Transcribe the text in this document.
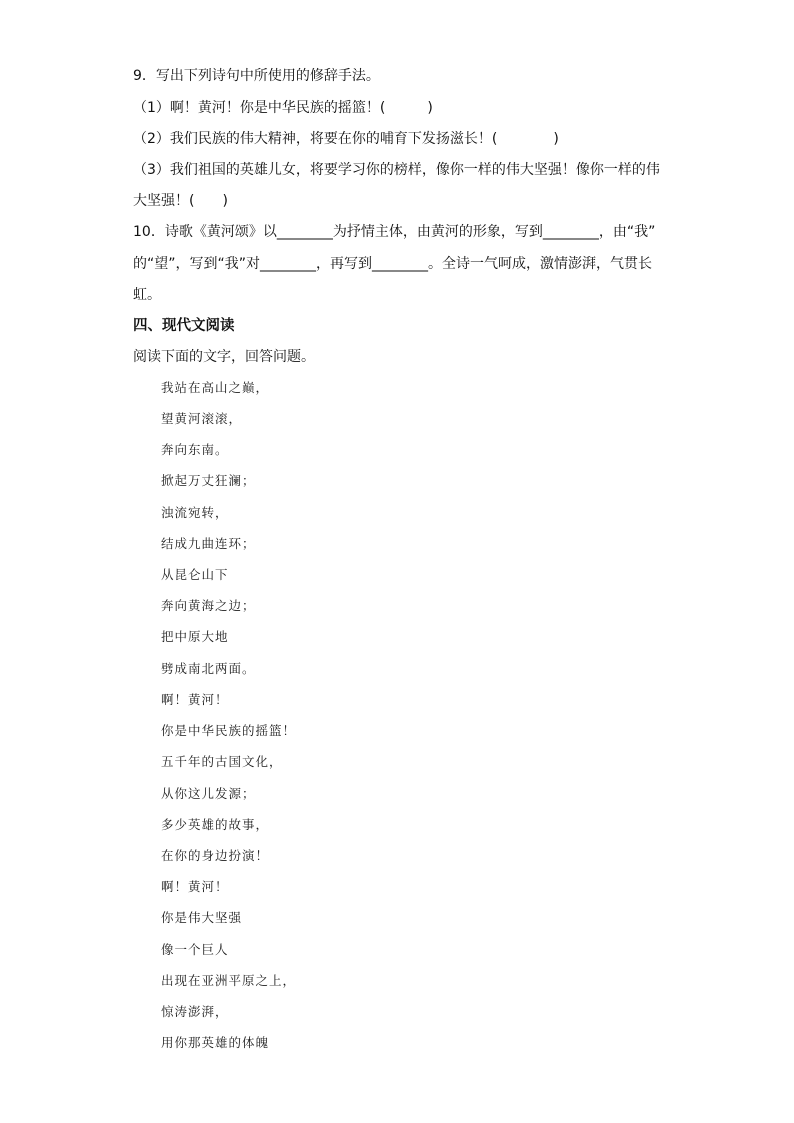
9．写出下列诗句中所使用的修辞手法。
（1）啊！黄河！你是中华民族的摇篮！(　　　)
（2）我们民族的伟大精神，将要在你的哺育下发扬滋长！(　　　　)
（3）我们祖国的英雄儿女，将要学习你的榜样，像你一样的伟大坚强！像你一样的伟
大坚强！(　　)
10．诗歌《黄河颂》以________为抒情主体，由黄河的形象，写到________，由“我”
的“望”，写到“我”对________，再写到________。全诗一气呵成，激情澎湃，气贯长
虹。
四、现代文阅读
阅读下面的文字，回答问题。
我站在高山之巅，
望黄河滚滚，
奔向东南。
掀起万丈狂澜；
浊流宛转，
结成九曲连环；
从昆仑山下
奔向黄海之边；
把中原大地
劈成南北两面。
啊！黄河！
你是中华民族的摇篮！
五千年的古国文化，
从你这儿发源；
多少英雄的故事，
在你的身边扮演！
啊！黄河！
你是伟大坚强
像一个巨人
出现在亚洲平原之上，
惊涛澎湃，
用你那英雄的体魄
